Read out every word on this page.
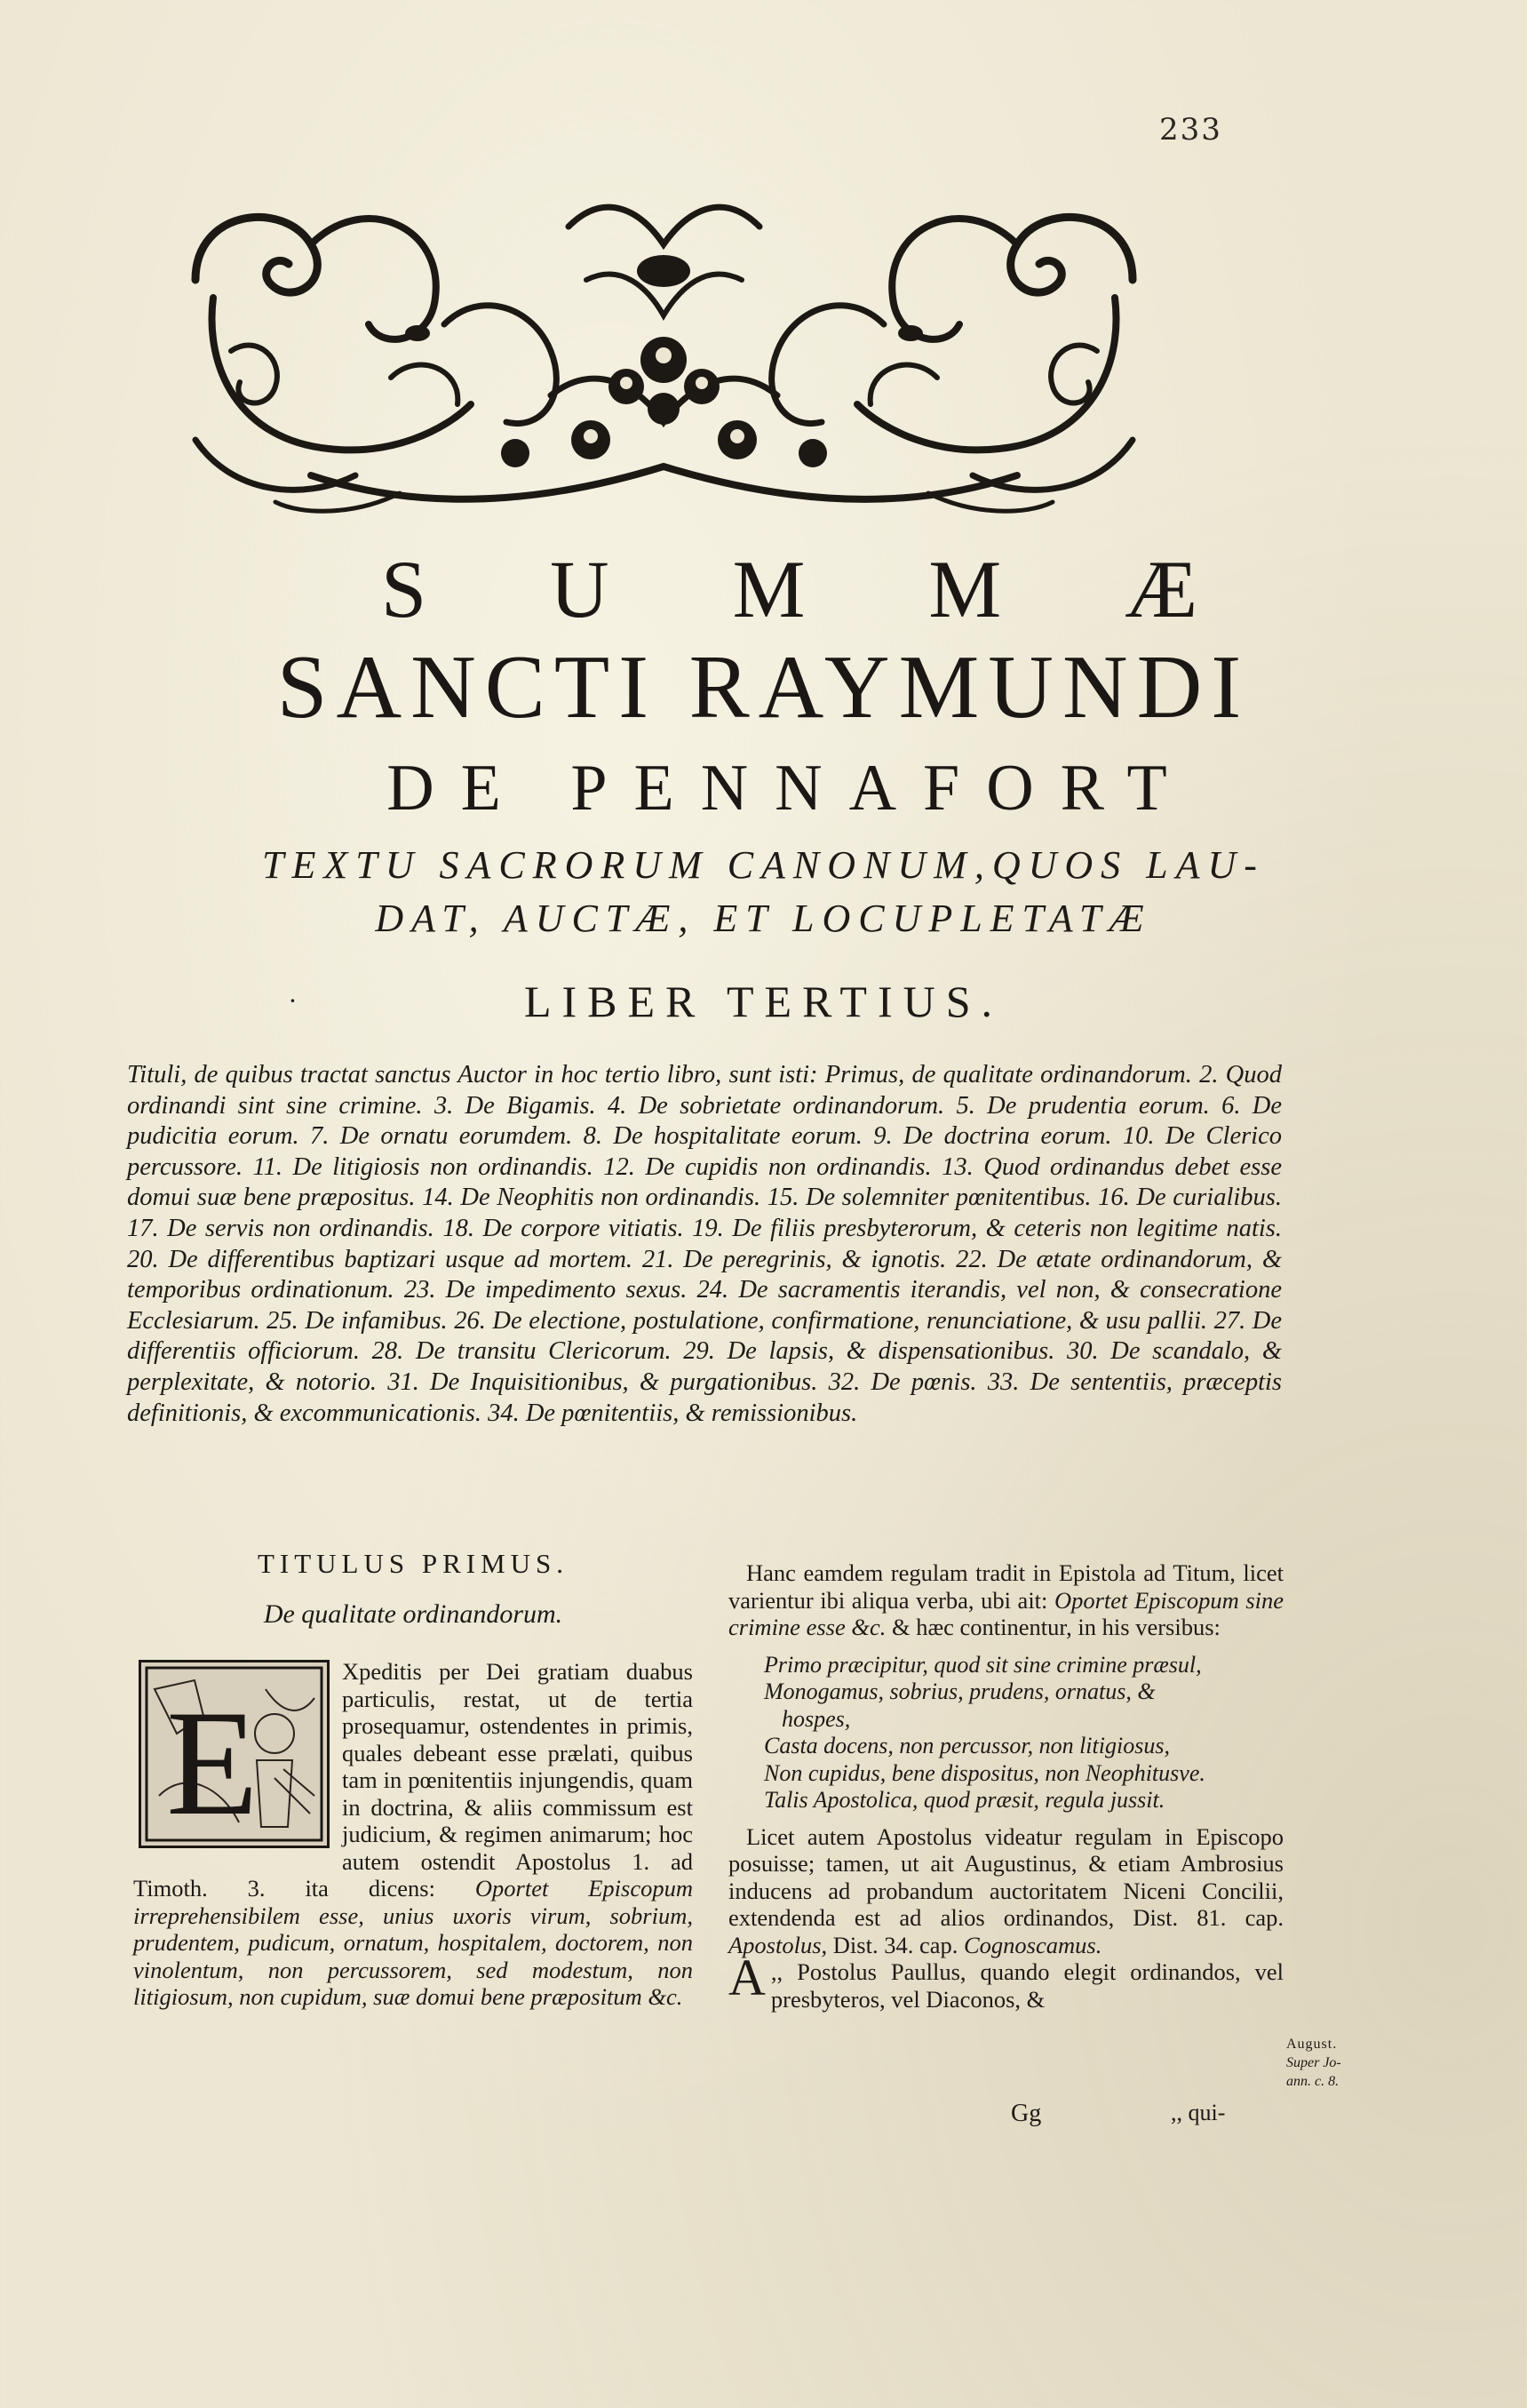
233
S U M M Æ
SANCTI RAYMUNDI
DE PENNAFORT
TEXTU SACRORUM CANONUM,QUOS LAU-
DAT, AUCTÆ, ET LOCUPLETATÆ
·	LIBER TERTIUS.

Tituli, de quibus tractat sanctus Auctor in hoc tertio libro, sunt isti: Primus, de qualitate ordinandorum. 2. Quod ordinandi sint sine crimine. 3. De Bigamis. 4. De sobrietate ordinandorum. 5. De prudentia eorum. 6. De pudicitia eorum. 7. De ornatu eorumdem. 8. De hospitalitate eorum. 9. De doctrina eorum. 10. De Clerico percussore. 11. De litigiosis non ordinandis. 12. De cupidis non ordinandis. 13. Quod ordinandus debet esse domui suæ bene præpositus. 14. De Neophitis non ordinandis. 15. De solemniter pœnitentibus. 16. De curialibus. 17. De servis non ordinandis. 18. De corpore vitiatis. 19. De filiis presbyterorum, & ceteris non legitime natis. 20. De differentibus baptizari usque ad mortem. 21. De peregrinis, & ignotis. 22. De ætate ordinandorum, & temporibus ordinationum. 23. De impedimento sexus. 24. De sacramentis iterandis, vel non, & consecratione Ecclesiarum. 25. De infamibus. 26. De electione, postulatione, confirmatione, renunciatione, & usu pallii. 27. De differentiis officiorum. 28. De transitu Clericorum. 29. De lapsis, & dispensationibus. 30. De scandalo, & perplexitate, & notorio. 31. De Inquisitionibus, & purgationibus. 32. De pœnis. 33. De sententiis, præceptis definitionis, & excommunicationis. 34. De pœnitentiis, & remissionibus.

TITULUS PRIMUS.
De qualitate ordinandorum.

E
Xpeditis per Dei gratiam duabus particulis, restat, ut de tertia prosequamur, ostendentes in primis, quales debeant esse prælati, quibus tam in pœnitentiis injungendis, quam in doctrina, & aliis commissum est judicium, & regimen animarum; hoc autem ostendit Apostolus 1. ad Timoth. 3. ita dicens: Oportet Episcopum irreprehensibilem esse, unius uxoris virum, sobrium, prudentem, pudicum, ornatum, hospitalem, doctorem, non vinolentum, non percussorem, sed modestum, non litigiosum, non cupidum, suæ domui bene præpositum &c.

Hanc eamdem regulam tradit in Epistola ad Titum, licet varientur ibi aliqua verba, ubi ait: Oportet Episcopum sine crimine esse &c. & hæc continentur, in his versibus:

Primo præcipitur, quod sit sine crimine præsul,
Monogamus, sobrius, prudens, ornatus, &
hospes,
Casta docens, non percussor, non litigiosus,
Non cupidus, bene dispositus, non Neophitusve.
Talis Apostolica, quod præsit, regula jussit.

Licet autem Apostolus videatur regulam in Episcopo posuisse; tamen, ut ait Augustinus, & etiam Ambrosius inducens ad probandum auctoritatem Niceni Concilii, extendenda est ad alios ordinandos, Dist. 81. cap. Apostolus, Dist. 34. cap. Cognoscamus.

,,
A Postolus Paullus, quando elegit ordinandos, vel presbyteros, vel Diaconos, &

Gg	,, qui-
August.
Super Jo-
ann. c. 8.
